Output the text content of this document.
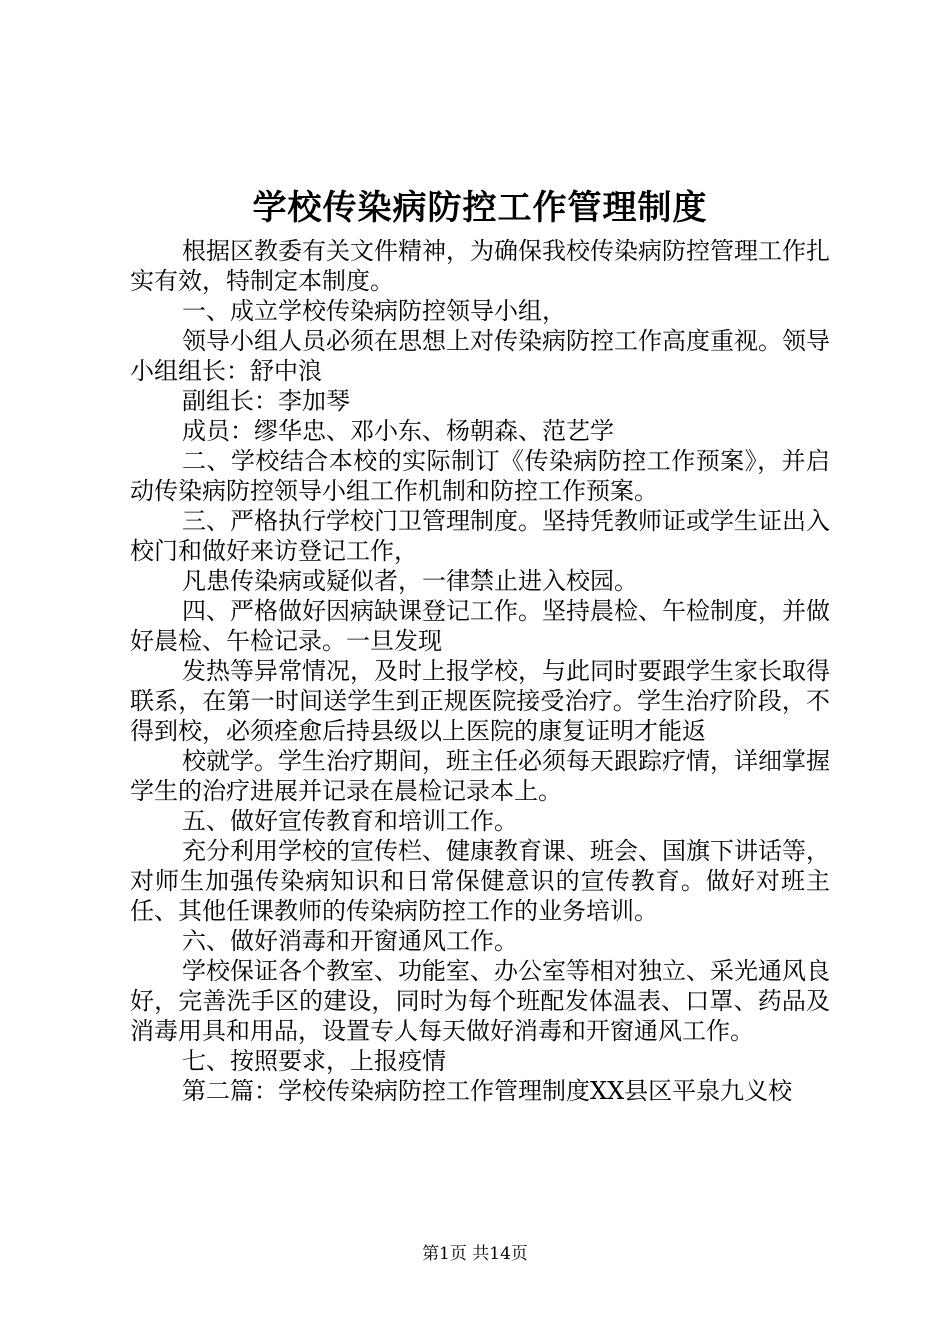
学校传染病防控工作管理制度

根据区教委有关文件精神，为确保我校传染病防控管理工作扎实有效，特制定本制度。

一、成立学校传染病防控领导小组，

领导小组人员必须在思想上对传染病防控工作高度重视。领导小组组长：舒中浪

副组长：李加琴

成员：缪华忠、邓小东、杨朝森、范艺学

二、学校结合本校的实际制订《传染病防控工作预案》，并启动传染病防控领导小组工作机制和防控工作预案。

三、严格执行学校门卫管理制度。坚持凭教师证或学生证出入校门和做好来访登记工作，

凡患传染病或疑似者，一律禁止进入校园。

四、严格做好因病缺课登记工作。坚持晨检、午检制度，并做好晨检、午检记录。一旦发现

发热等异常情况，及时上报学校，与此同时要跟学生家长取得联系，在第一时间送学生到正规医院接受治疗。学生治疗阶段，不得到校，必须痊愈后持县级以上医院的康复证明才能返

校就学。学生治疗期间，班主任必须每天跟踪疗情，详细掌握学生的治疗进展并记录在晨检记录本上。

五、做好宣传教育和培训工作。

充分利用学校的宣传栏、健康教育课、班会、国旗下讲话等，对师生加强传染病知识和日常保健意识的宣传教育。做好对班主任、其他任课教师的传染病防控工作的业务培训。

六、做好消毒和开窗通风工作。

学校保证各个教室、功能室、办公室等相对独立、采光通风良好，完善洗手区的建设，同时为每个班配发体温表、口罩、药品及消毒用具和用品，设置专人每天做好消毒和开窗通风工作。

七、按照要求，上报疫情

第二篇：学校传染病防控工作管理制度XX县区平泉九义校

第1页 共14页
